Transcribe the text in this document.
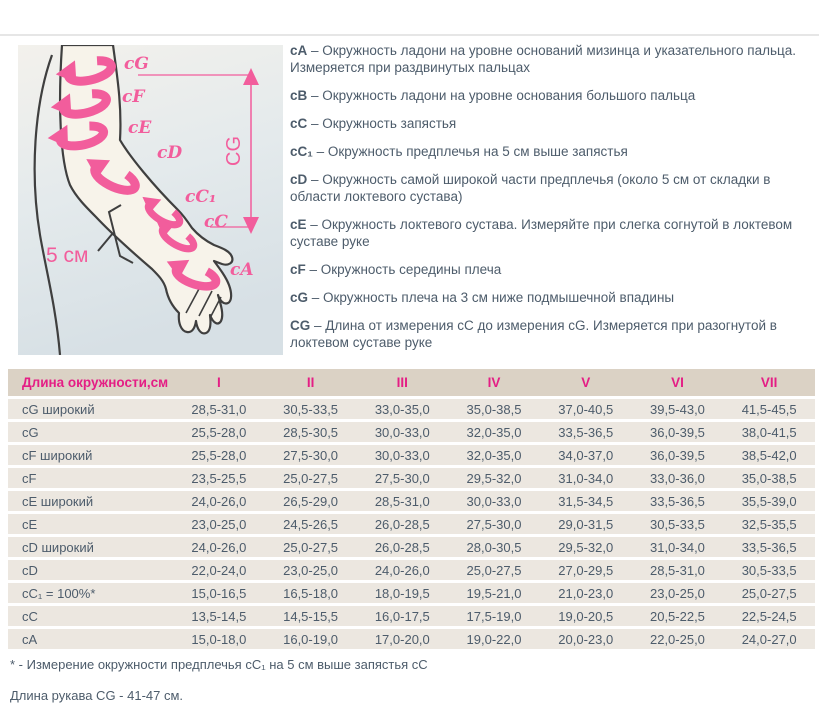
cG
cF
cE
cD
cC₁
cC
cA
CG
5 см

cA – Окружность ладони на уровне оснований мизинца и указательного пальца. Измеряется при раздвинутых пальцах

cB – Окружность ладони на уровне основания большого пальца

cC – Окружность запястья

cC₁ – Окружность предплечья на 5 см выше запястья

cD – Окружность самой широкой части предплечья (около 5 см от складки в области локтевого сустава)

cE – Окружность локтевого сустава. Измеряйте при слегка согнутой в локтевом суставе руке

cF – Окружность середины плеча

cG – Окружность плеча на 3 см ниже подмышечной впадины

CG – Длина от измерения cC до измерения cG. Измеряется при разогнутой в локтевом суставе руке

Длина окружности,см	I	II	III	IV	V	VI	VII
cG широкий	28,5-31,0	30,5-33,5	33,0-35,0	35,0-38,5	37,0-40,5	39,5-43,0	41,5-45,5
cG	25,5-28,0	28,5-30,5	30,0-33,0	32,0-35,0	33,5-36,5	36,0-39,5	38,0-41,5
cF широкий	25,5-28,0	27,5-30,0	30,0-33,0	32,0-35,0	34,0-37,0	36,0-39,5	38,5-42,0
cF	23,5-25,5	25,0-27,5	27,5-30,0	29,5-32,0	31,0-34,0	33,0-36,0	35,0-38,5
cE широкий	24,0-26,0	26,5-29,0	28,5-31,0	30,0-33,0	31,5-34,5	33,5-36,5	35,5-39,0
cE	23,0-25,0	24,5-26,5	26,0-28,5	27,5-30,0	29,0-31,5	30,5-33,5	32,5-35,5
cD широкий	24,0-26,0	25,0-27,5	26,0-28,5	28,0-30,5	29,5-32,0	31,0-34,0	33,5-36,5
cD	22,0-24,0	23,0-25,0	24,0-26,0	25,0-27,5	27,0-29,5	28,5-31,0	30,5-33,5
cC₁ = 100%*	15,0-16,5	16,5-18,0	18,0-19,5	19,5-21,0	21,0-23,0	23,0-25,0	25,0-27,5
cC	13,5-14,5	14,5-15,5	16,0-17,5	17,5-19,0	19,0-20,5	20,5-22,5	22,5-24,5
cA	15,0-18,0	16,0-19,0	17,0-20,0	19,0-22,0	20,0-23,0	22,0-25,0	24,0-27,0

* - Измерение окружности предплечья cC₁ на 5 см выше запястья cC

Длина рукава CG - 41-47 см.
